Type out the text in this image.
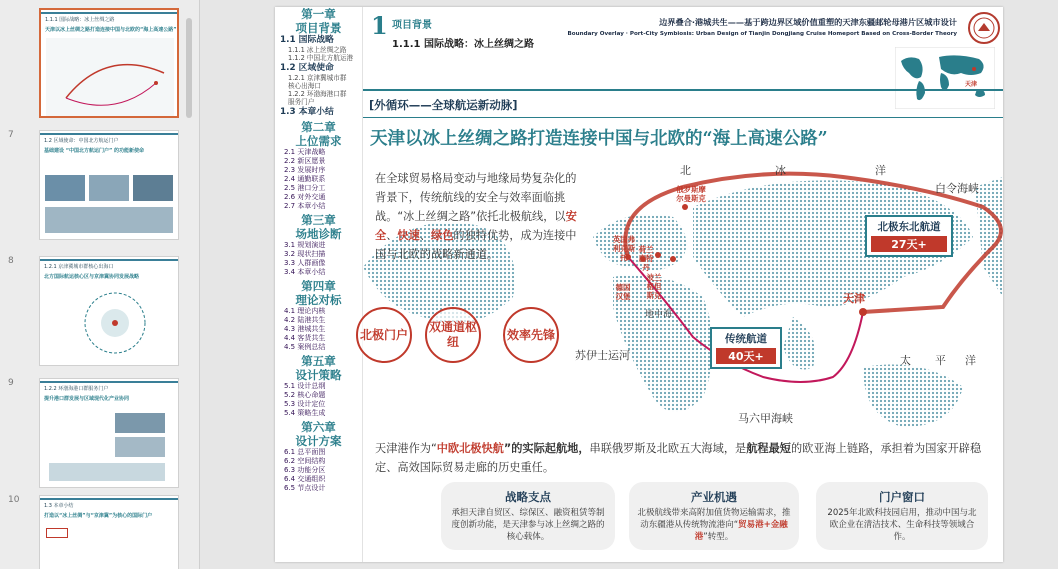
1.1.1 国际战略：冰上丝绸之路
天津以冰上丝绸之路打造连接中国与北欧的“海上高速公路”
7
1.2 区域使命：中国北方航运门户
基础建设 “中国北方航运门户” 的功能新使命
8
1.2.1 京津冀城市群核心出海口
北方国际航运核心区与京津冀协同发展战略
9
1.2.2 环渤海港口群服务门户
提升港口群发展与区域现代化产业协同
10
1.3 本章小结
打造以“冰上丝绸”与“京津冀”为核心的国际门户
第一章
项目背景
1.1 国际战略
1.1.1 冰上丝绸之路
1.1.2 中国北方航运港
1.2 区域使命
1.2.1 京津冀城市群
核心出海口
1.2.2 环渤海港口群
服务门户
1.3 本章小结
第二章
上位需求
2.1 天津战略
2.2 新区愿景
2.3 发展时序
2.4 通勤联系
2.5 港口分工
2.6 对外交通
2.7 本章小结
第三章
场地诊断
3.1 规划演进
3.2 现状扫描
3.3 人群画像
3.4 本章小结
第四章
理论对标
4.1 理论内核
4.2 陆港共生
4.3 港城共生
4.4 客货共生
4.5 案例总结
第五章
设计策略
5.1 设计总纲
5.2 核心命题
5.3 设计定位
5.4 策略生成
第六章
设计方案
6.1 总平面图
6.2 空间结构
6.3 功能分区
6.4 交通组织
6.5 节点设计
1 项目背景
1.1.1 国际战略：冰上丝绸之路
边界叠合·港城共生——基于跨边界区域价值重塑的天津东疆邮轮母港片区城市设计
Boundary Overlay · Port-City Symbiosis: Urban Design of Tianjin Dongjiang Cruise Homeport Based on Cross-Border Theory
天津
[外循环——全球航运新动脉]
天津以冰上丝绸之路打造连接中国与北欧的“海上高速公路”
在全球贸易格局变动与地缘局势复杂化的背景下，传统航线的安全与效率面临挑战。“冰上丝绸之路”依托北极航线，以安全、快速、绿色的独特优势，成为连接中国与北欧的战略新通道。
北极门户
双通道枢纽
效率先锋
北	冰	洋
白令海峡
地中海
苏伊士运河	太 平 洋
马六甲海峡
天津
俄罗斯摩尔曼斯克
英国弗利克斯托
荷兰鹿特丹
德国汉堡
波兰格但斯克
北极东北航道
27天+
传统航道
40天+
天津港作为“中欧北极快航”的实际起航地，串联俄罗斯及北欧五大海域，是航程最短的欧亚海上链路，承担着为国家开辟稳定、高效国际贸易走廊的历史重任。
战略支点
承担天津自贸区、综保区、融资租赁等制度创新功能，是天津参与冰上丝绸之路的核心载体。
产业机遇
北极航线带来高附加值货物运输需求，推动东疆港从传统物流港向“贸易港+金融港”转型。
门户窗口
2025年北欧科技园启用，推动中国与北欧企业在清洁技术、生命科技等领域合作。
